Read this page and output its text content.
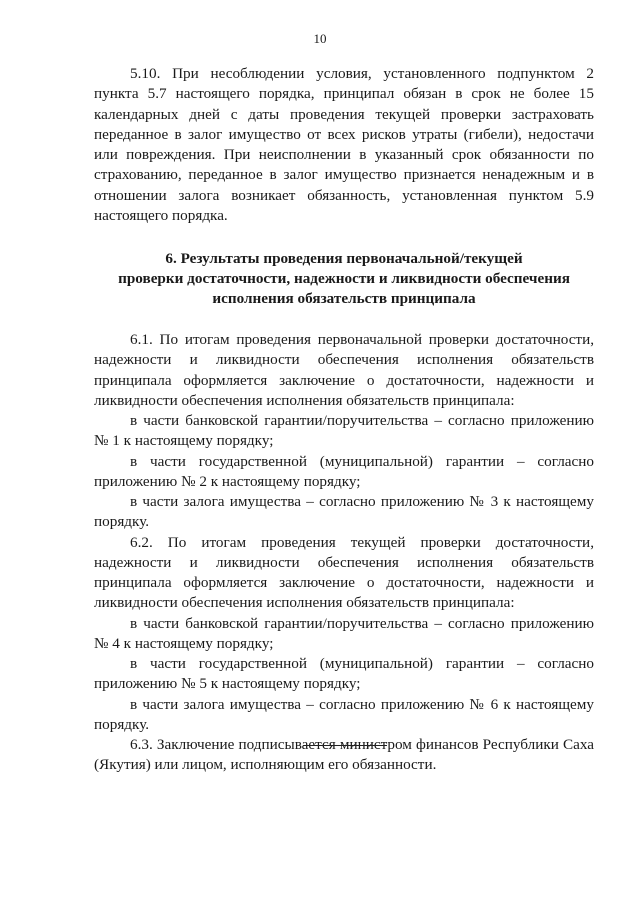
10

5.10. При несоблюдении условия, установленного подпунктом 2 пункта 5.7 настоящего порядка, принципал обязан в срок не более 15 календарных дней с даты проведения текущей проверки застраховать переданное в залог имущество от всех рисков утраты (гибели), недостачи или повреждения. При неисполнении в указанный срок обязанности по страхованию, переданное в залог имущество признается ненадежным и в отношении залога возникает обязанность, установленная пунктом 5.9 настоящего порядка.

6. Результаты проведения первоначальной/текущей
проверки достаточности, надежности и ликвидности обеспечения
исполнения обязательств принципала

6.1. По итогам проведения первоначальной проверки достаточности, надежности и ликвидности обеспечения исполнения обязательств принципала оформляется заключение о достаточности, надежности и ликвидности обеспечения исполнения обязательств принципала:

в части банковской гарантии/поручительства – согласно приложению № 1 к настоящему порядку;

в части государственной (муниципальной) гарантии – согласно приложению № 2 к настоящему порядку;

в части залога имущества – согласно приложению № 3 к настоящему порядку.

6.2. По итогам проведения текущей проверки достаточности, надежности и ликвидности обеспечения исполнения обязательств принципала оформляется заключение о достаточности, надежности и ликвидности обеспечения исполнения обязательств принципала:

в части банковской гарантии/поручительства – согласно приложению № 4 к настоящему порядку;

в части государственной (муниципальной) гарантии – согласно приложению № 5 к настоящему порядку;

в части залога имущества – согласно приложению № 6 к настоящему порядку.

6.3. Заключение подписывается министром финансов Республики Саха (Якутия) или лицом, исполняющим его обязанности.
